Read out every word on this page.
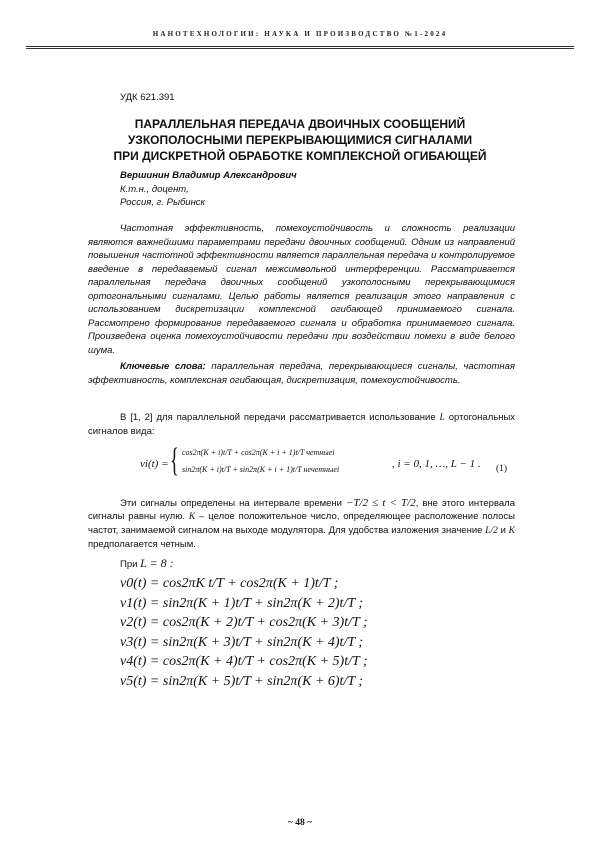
НАНОТЕХНОЛОГИИ: НАУКА И ПРОИЗВОДСТВО №1-2024
УДК 621.391
ПАРАЛЛЕЛЬНАЯ ПЕРЕДАЧА ДВОИЧНЫХ СООБЩЕНИЙ
УЗКОПОЛОСНЫМИ ПЕРЕКРЫВАЮЩИМИСЯ СИГНАЛАМИ
ПРИ ДИСКРЕТНОЙ ОБРАБОТКЕ КОМПЛЕКСНОЙ ОГИБАЮЩЕЙ
Вершинин Владимир Александрович
К.т.н., доцент,
Россия, г. Рыбинск

Частотная эффективность, помехоустойчивость и сложность реализации являются важнейшими параметрами передачи двоичных сообщений. Одним из направлений повышения частотной эффективности является параллельная передача и контролируемое введение в передаваемый сигнал межсимвольной интерференции. Рассматривается параллельная передача двоичных сообщений узкополосными перекрывающимися ортогональными сигналами. Целью работы является реализация этого направления с использованием дискретизации комплексной огибающей принимаемого сигнала. Рассмотрено формирование передаваемого сигнала и обработка принимаемого сигнала. Произведена оценка помехоустойчивости передачи при воздействии помехи в виде белого шума.

Ключевые слова: параллельная передача, перекрывающиеся сигналы, частотная эффективность, комплексная огибающая, дискретизация, помехоустойчивость.

В [1, 2] для параллельной передачи рассматривается использование L ортогональных сигналов вида:

vi(t) = { cos2π(K + i)t/T + cos2π(K + i + 1)t/T четныеi
sin2π(K + i)t/T + sin2π(K + i + 1)t/T нечетныеi	, i = 0, 1, …, L − 1 . (1)

Эти сигналы определены на интервале времени −T/2 ≤ t < T/2, вне этого интервала сигналы равны нулю. K – целое положительное число, определяющее расположение полосы частот, занимаемой сигналом на выходе модулятора. Для удобства изложения значение L/2 и K предполагается четным.

При L = 8 :
v0(t) = cos2πK t/T + cos2π(K + 1)t/T ;
v1(t) = sin2π(K + 1)t/T + sin2π(K + 2)t/T ;
v2(t) = cos2π(K + 2)t/T + cos2π(K + 3)t/T ;
v3(t) = sin2π(K + 3)t/T + sin2π(K + 4)t/T ;
v4(t) = cos2π(K + 4)t/T + cos2π(K + 5)t/T ;
v5(t) = sin2π(K + 5)t/T + sin2π(K + 6)t/T ;
~ 48 ~
